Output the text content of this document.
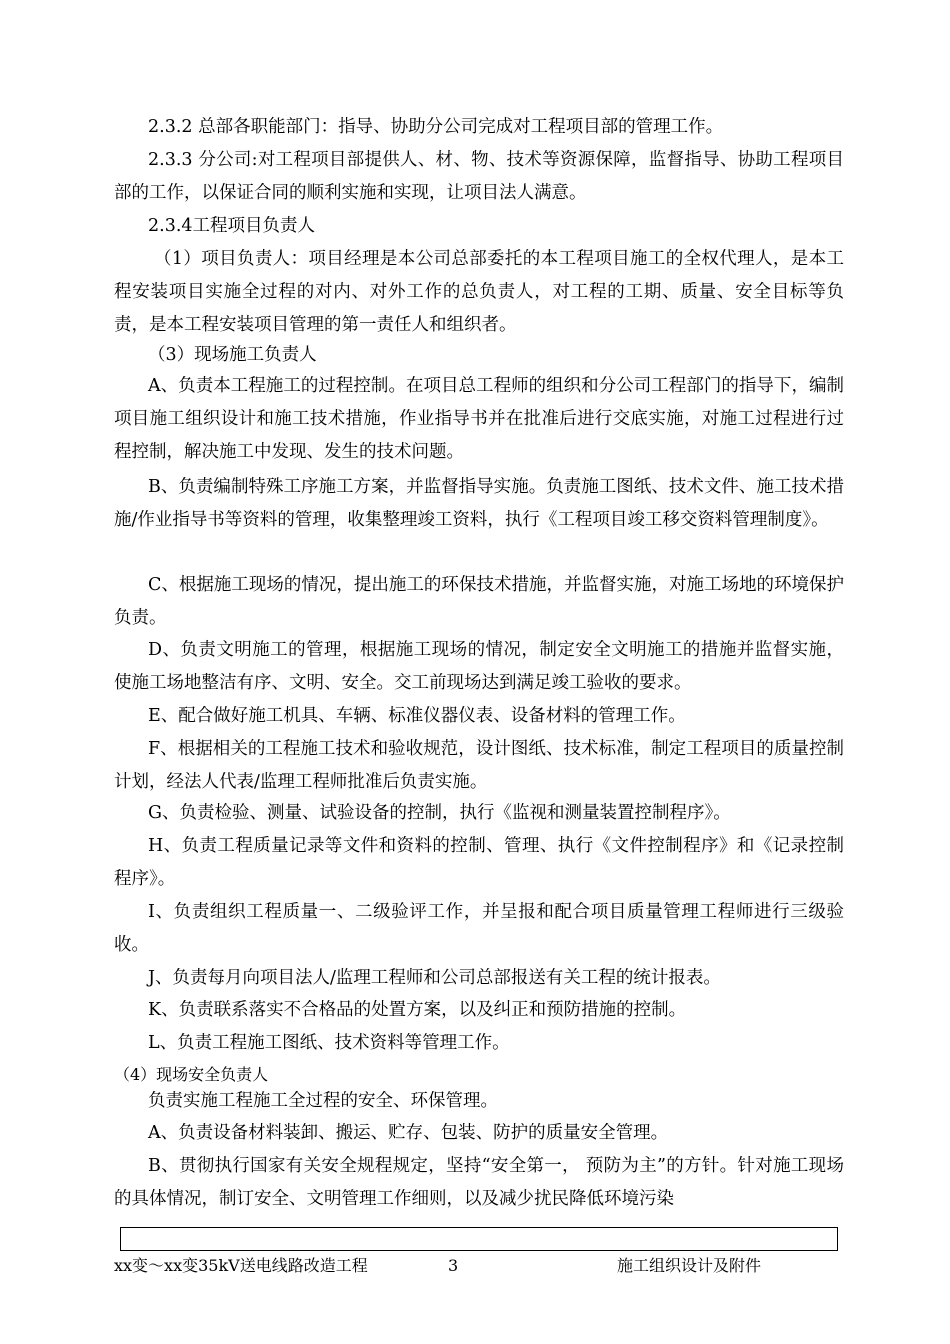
2.3.2 总部各职能部门：指导、协助分公司完成对工程项目部的管理工作。
2.3.3 分公司:对工程项目部提供人、材、物、技术等资源保障，监督指导、协助工程项目部的工作，以保证合同的顺利实施和实现，让项目法人满意。
2.3.4工程项目负责人
（1）项目负责人：项目经理是本公司总部委托的本工程项目施工的全权代理人，是本工程安装项目实施全过程的对内、对外工作的总负责人，对工程的工期、质量、安全目标等负责，是本工程安装项目管理的第一责任人和组织者。
（3）现场施工负责人
A、负责本工程施工的过程控制。在项目总工程师的组织和分公司工程部门的指导下，编制项目施工组织设计和施工技术措施，作业指导书并在批准后进行交底实施，对施工过程进行过程控制，解决施工中发现、发生的技术问题。
B、负责编制特殊工序施工方案，并监督指导实施。负责施工图纸、技术文件、施工技术措施/作业指导书等资料的管理，收集整理竣工资料，执行《工程项目竣工移交资料管理制度》。
C、根据施工现场的情况，提出施工的环保技术措施，并监督实施，对施工场地的环境保护负责。
D、负责文明施工的管理，根据施工现场的情况，制定安全文明施工的措施并监督实施，使施工场地整洁有序、文明、安全。交工前现场达到满足竣工验收的要求。
E、配合做好施工机具、车辆、标准仪器仪表、设备材料的管理工作。
F、根据相关的工程施工技术和验收规范，设计图纸、技术标准，制定工程项目的质量控制计划，经法人代表/监理工程师批准后负责实施。
G、负责检验、测量、试验设备的控制，执行《监视和测量装置控制程序》。
H、负责工程质量记录等文件和资料的控制、管理、执行《文件控制程序》和《记录控制程序》。
I、负责组织工程质量一、二级验评工作，并呈报和配合项目质量管理工程师进行三级验收。
J、负责每月向项目法人/监理工程师和公司总部报送有关工程的统计报表。
K、负责联系落实不合格品的处置方案，以及纠正和预防措施的控制。
L、负责工程施工图纸、技术资料等管理工作。
（4）现场安全负责人
负责实施工程施工全过程的安全、环保管理。
A、负责设备材料装卸、搬运、贮存、包装、防护的质量安全管理。
B、贯彻执行国家有关安全规程规定，坚持“安全第一， 预防为主”的方针。针对施工现场的具体情况，制订安全、文明管理工作细则，以及减少扰民降低环境污染
xx变～xx变35kV送电线路改造工程	3	施工组织设计及附件
